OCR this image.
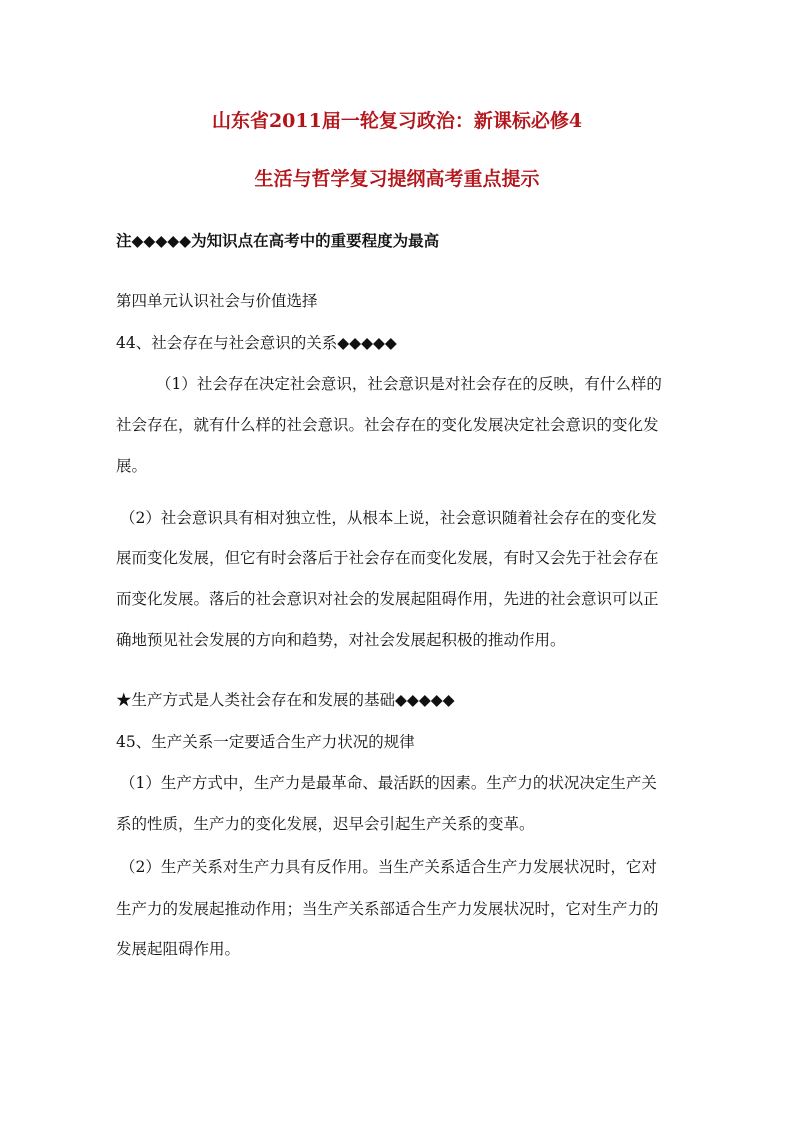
山东省2011届一轮复习政治：新课标必修4
生活与哲学复习提纲高考重点提示
注◆◆◆◆◆为知识点在高考中的重要程度为最高
第四单元认识社会与价值选择
44、社会存在与社会意识的关系◆◆◆◆◆
（1）社会存在决定社会意识，社会意识是对社会存在的反映，有什么样的
社会存在，就有什么样的社会意识。社会存在的变化发展决定社会意识的变化发
展。
（2）社会意识具有相对独立性，从根本上说，社会意识随着社会存在的变化发
展而变化发展，但它有时会落后于社会存在而变化发展，有时又会先于社会存在
而变化发展。落后的社会意识对社会的发展起阻碍作用，先进的社会意识可以正
确地预见社会发展的方向和趋势，对社会发展起积极的推动作用。
★生产方式是人类社会存在和发展的基础◆◆◆◆◆
45、生产关系一定要适合生产力状况的规律
（1）生产方式中，生产力是最革命、最活跃的因素。生产力的状况决定生产关
系的性质，生产力的变化发展，迟早会引起生产关系的变革。
（2）生产关系对生产力具有反作用。当生产关系适合生产力发展状况时，它对
生产力的发展起推动作用；当生产关系部适合生产力发展状况时，它对生产力的
发展起阻碍作用。
